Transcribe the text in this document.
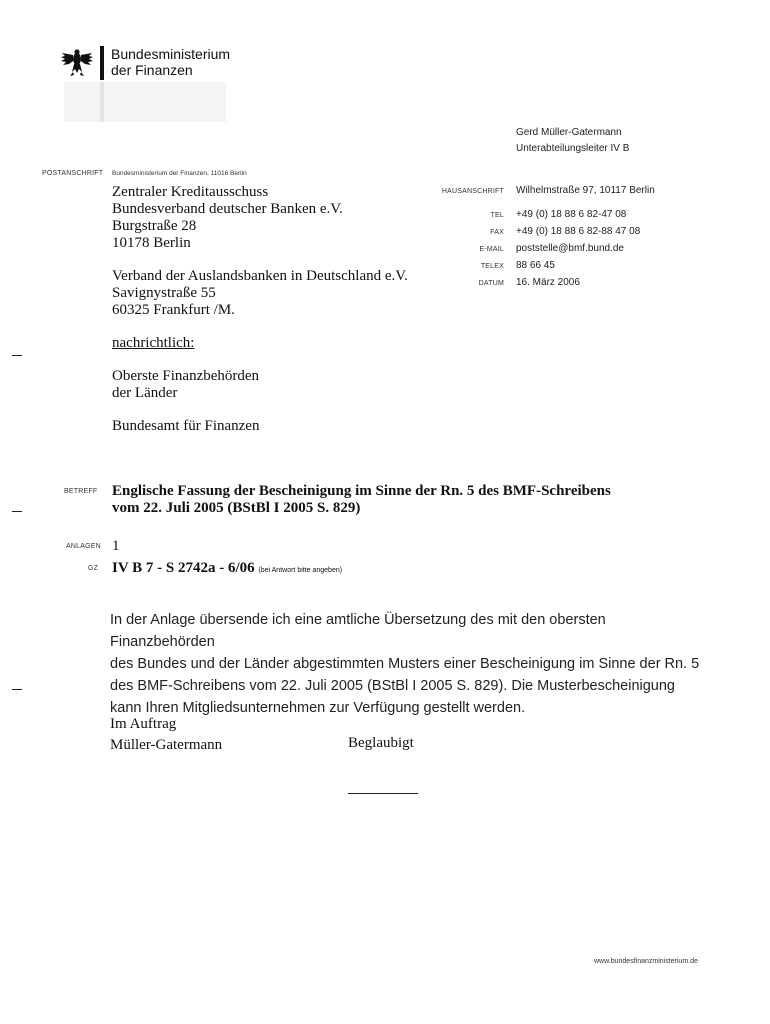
Bundesministerium
der Finanzen
Gerd Müller-Gatermann
Unterabteilungsleiter IV B
POSTANSCHRIFT Bundesministerium der Finanzen, 11016 Berlin
Zentraler Kreditausschuss
Bundesverband deutscher Banken e.V.
Burgstraße 28
10178 Berlin
Verband der Auslandsbanken in Deutschland e.V.
Savignystraße 55
60325 Frankfurt /M.
nachrichtlich:
Oberste Finanzbehörden
der Länder
Bundesamt für Finanzen
HAUSANSCHRIFT Wilhelmstraße 97, 10117 Berlin
TEL +49 (0) 18 88 6 82-47 08
FAX +49 (0) 18 88 6 82-88 47 08
E-MAIL poststelle@bmf.bund.de
TELEX 88 66 45
DATUM 16. März 2006
BETREFF Englische Fassung der Bescheinigung im Sinne der Rn. 5 des BMF-Schreibens
vom 22. Juli 2005 (BStBl I 2005 S. 829)
ANLAGEN 1
GZ IV B 7 - S 2742a - 6/06 (bei Antwort bitte angeben)
In der Anlage übersende ich eine amtliche Übersetzung des mit den obersten Finanzbehörden
des Bundes und der Länder abgestimmten Musters einer Bescheinigung im Sinne der Rn. 5
des BMF-Schreibens vom 22. Juli 2005 (BStBl I 2005 S. 829). Die Musterbescheinigung
kann Ihren Mitgliedsunternehmen zur Verfügung gestellt werden.
Im Auftrag
Müller-Gatermann	Beglaubigt
www.bundesfinanzministerium.de
